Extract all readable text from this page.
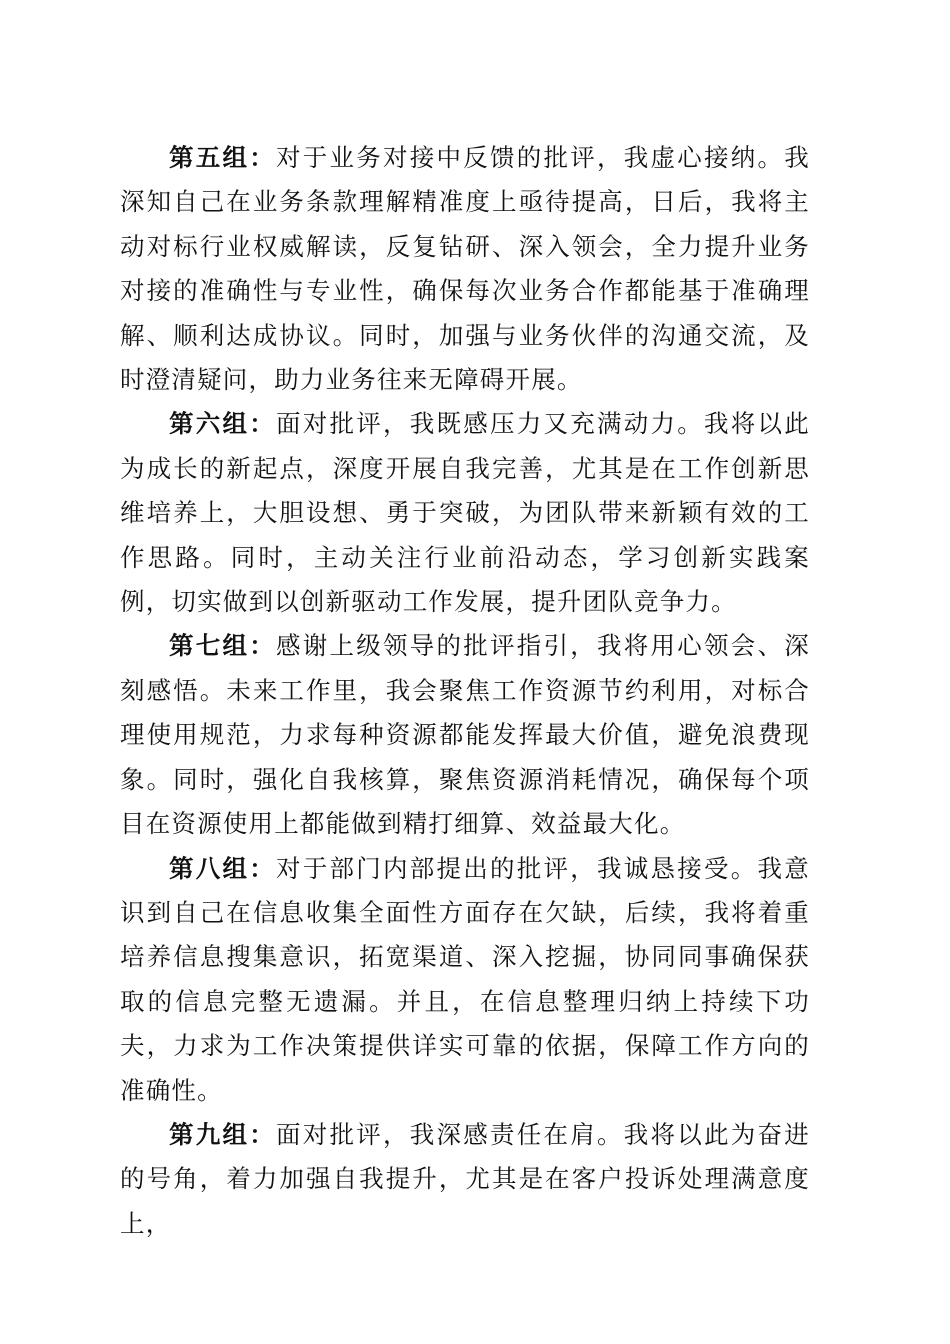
第五组：对于业务对接中反馈的批评，我虚心接纳。我深知自己在业务条款理解精准度上亟待提高，日后，我将主动对标行业权威解读，反复钻研、深入领会，全力提升业务对接的准确性与专业性，确保每次业务合作都能基于准确理解、顺利达成协议。同时，加强与业务伙伴的沟通交流，及时澄清疑问，助力业务往来无障碍开展。

第六组：面对批评，我既感压力又充满动力。我将以此为成长的新起点，深度开展自我完善，尤其是在工作创新思维培养上，大胆设想、勇于突破，为团队带来新颖有效的工作思路。同时，主动关注行业前沿动态，学习创新实践案例，切实做到以创新驱动工作发展，提升团队竞争力。

第七组：感谢上级领导的批评指引，我将用心领会、深刻感悟。未来工作里，我会聚焦工作资源节约利用，对标合理使用规范，力求每种资源都能发挥最大价值，避免浪费现象。同时，强化自我核算，聚焦资源消耗情况，确保每个项目在资源使用上都能做到精打细算、效益最大化。

第八组：对于部门内部提出的批评，我诚恳接受。我意识到自己在信息收集全面性方面存在欠缺，后续，我将着重培养信息搜集意识，拓宽渠道、深入挖掘，协同同事确保获取的信息完整无遗漏。并且，在信息整理归纳上持续下功夫，力求为工作决策提供详实可靠的依据，保障工作方向的准确性。

第九组：面对批评，我深感责任在肩。我将以此为奋进的号角，着力加强自我提升，尤其是在客户投诉处理满意度上，
